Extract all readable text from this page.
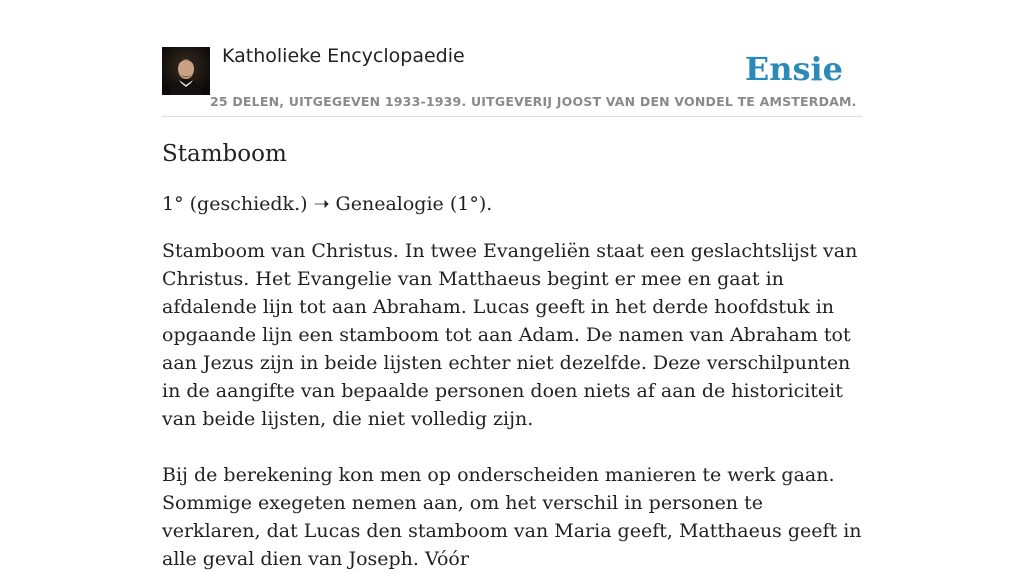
Katholieke Encyclopaedie
25 DELEN, UITGEGEVEN 1933-1939. UITGEVERIJ JOOST VAN DEN VONDEL TE AMSTERDAM.
Ensie
Stamboom

1° (geschiedk.) ➝ Genealogie (1°).

Stamboom van Christus. In twee Evangeliën staat een geslachtslijst van Christus. Het Evangelie van Matthaeus begint er mee en gaat in afdalende lijn tot aan Abraham. Lucas geeft in het derde hoofdstuk in opgaande lijn een stamboom tot aan Adam. De namen van Abraham tot aan Jezus zijn in beide lijsten echter niet dezelfde. Deze verschilpunten in de aangifte van bepaalde personen doen niets af aan de historiciteit van beide lijsten, die niet volledig zijn.

Bij de berekening kon men op onderscheiden manieren te werk gaan. Sommige exegeten nemen aan, om het verschil in personen te verklaren, dat Lucas den stamboom van Maria geeft, Matthaeus geeft in alle geval dien van Joseph. Vóór
